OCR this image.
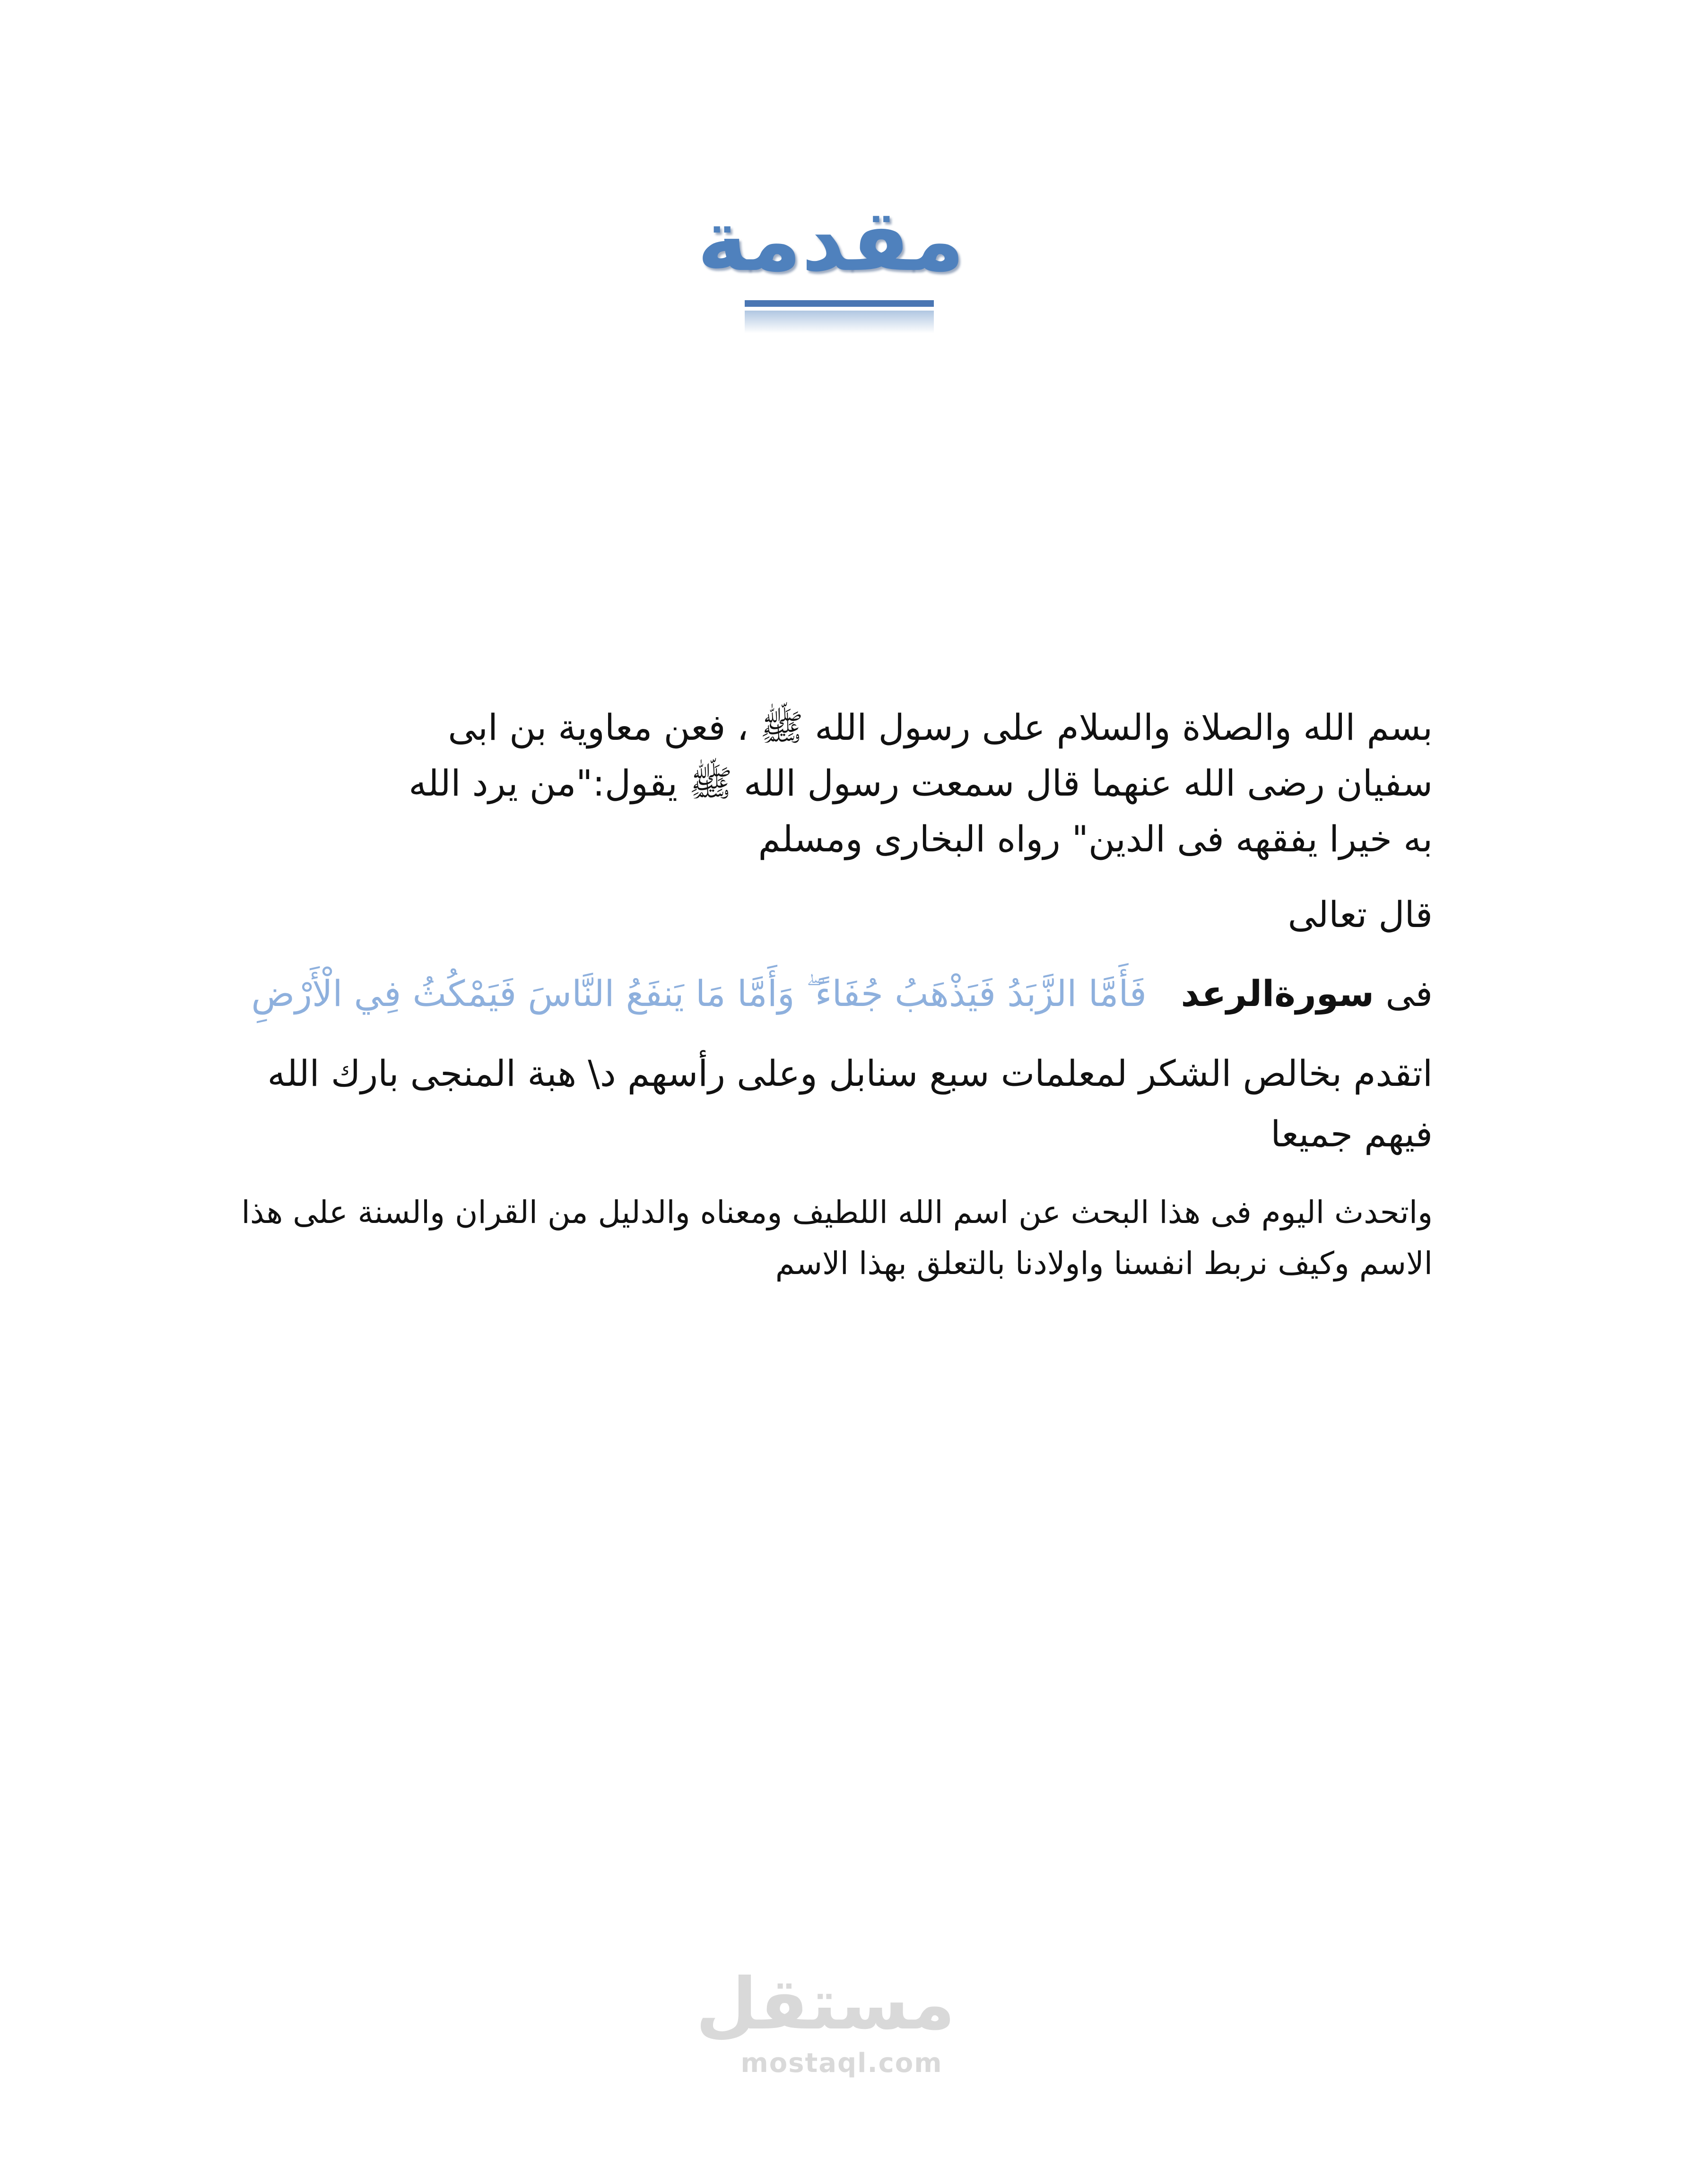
مقدمة

بسم الله والصلاة والسلام على رسول الله ﷺ ، فعن معاوية بن ابى سفيان رضى الله عنهما قال سمعت رسول الله ﷺ يقول:"من يرد الله به خيرا يفقهه فى الدين" رواه البخارى ومسلم

قال تعالى

فى سورةالرعد   فَأَمَّا الزَّبَدُ فَيَذْهَبُ جُفَاءً ۖ وَأَمَّا مَا يَنفَعُ النَّاسَ فَيَمْكُثُ فِي الْأَرْضِ

اتقدم بخالص الشكر لمعلمات سبع سنابل وعلى رأسهم د\ هبة المنجى بارك الله فيهم جميعا

واتحدث اليوم فى هذا البحث عن اسم الله اللطيف ومعناه والدليل من القران والسنة على هذا الاسم وكيف نربط انفسنا واولادنا بالتعلق بهذا الاسم

مستقل
mostaql.com
